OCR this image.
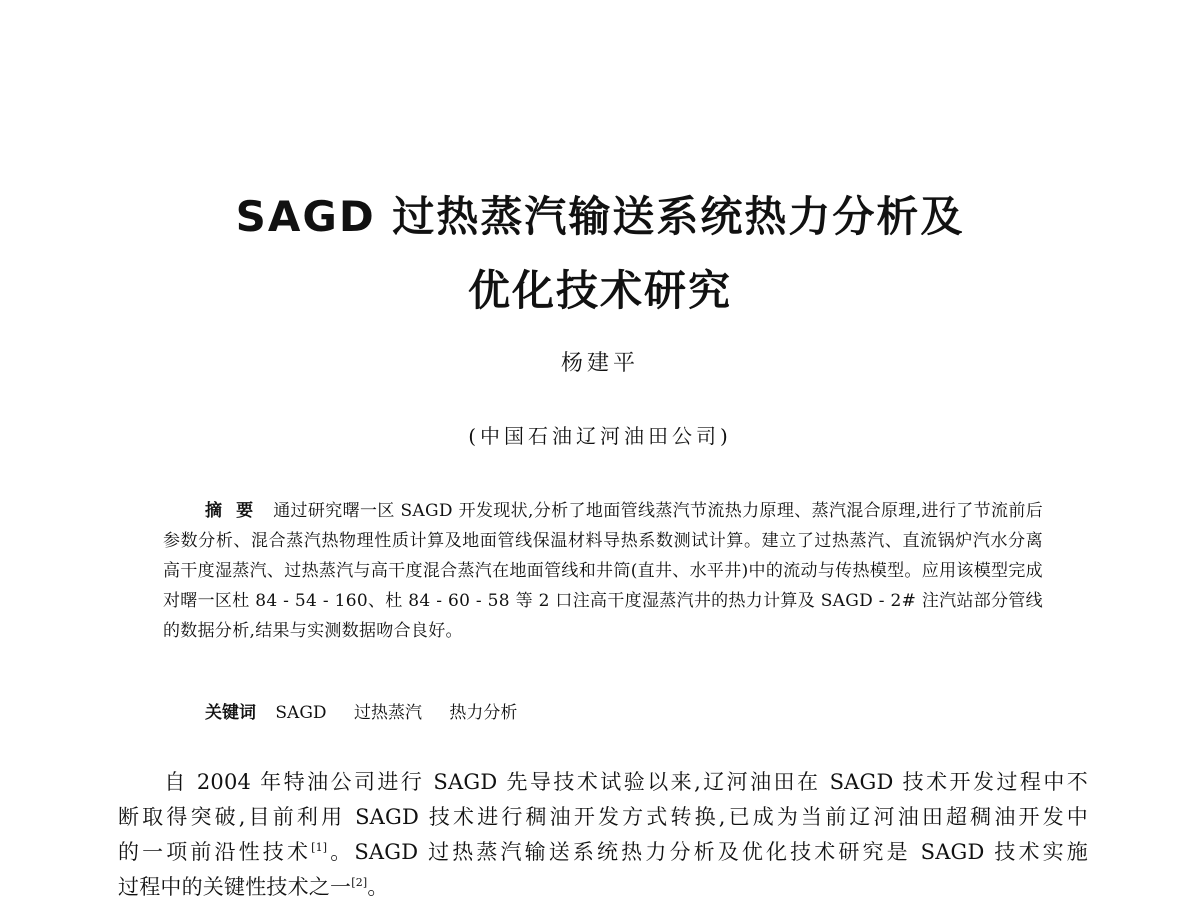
SAGD 过热蒸汽输送系统热力分析及
优化技术研究
杨建平
(中国石油辽河油田公司)
摘要 通过研究曙一区 SAGD 开发现状,分析了地面管线蒸汽节流热力原理、蒸汽混合原理,进行了节流前后参数分析、混合蒸汽热物理性质计算及地面管线保温材料导热系数测试计算。建立了过热蒸汽、直流锅炉汽水分离高干度湿蒸汽、过热蒸汽与高干度混合蒸汽在地面管线和井筒(直井、水平井)中的流动与传热模型。应用该模型完成对曙一区杜 84 - 54 - 160、杜 84 - 60 - 58 等 2 口注高干度湿蒸汽井的热力计算及 SAGD - 2# 注汽站部分管线的数据分析,结果与实测数据吻合良好。
关键词 SAGD 过热蒸汽 热力分析
自 2004 年特油公司进行 SAGD 先导技术试验以来,辽河油田在 SAGD 技术开发过程中不
断取得突破,目前利用 SAGD 技术进行稠油开发方式转换,已成为当前辽河油田超稠油开发中
的一项前沿性技术[1]。SAGD 过热蒸汽输送系统热力分析及优化技术研究是 SAGD 技术实施
过程中的关键性技术之一[2]。
